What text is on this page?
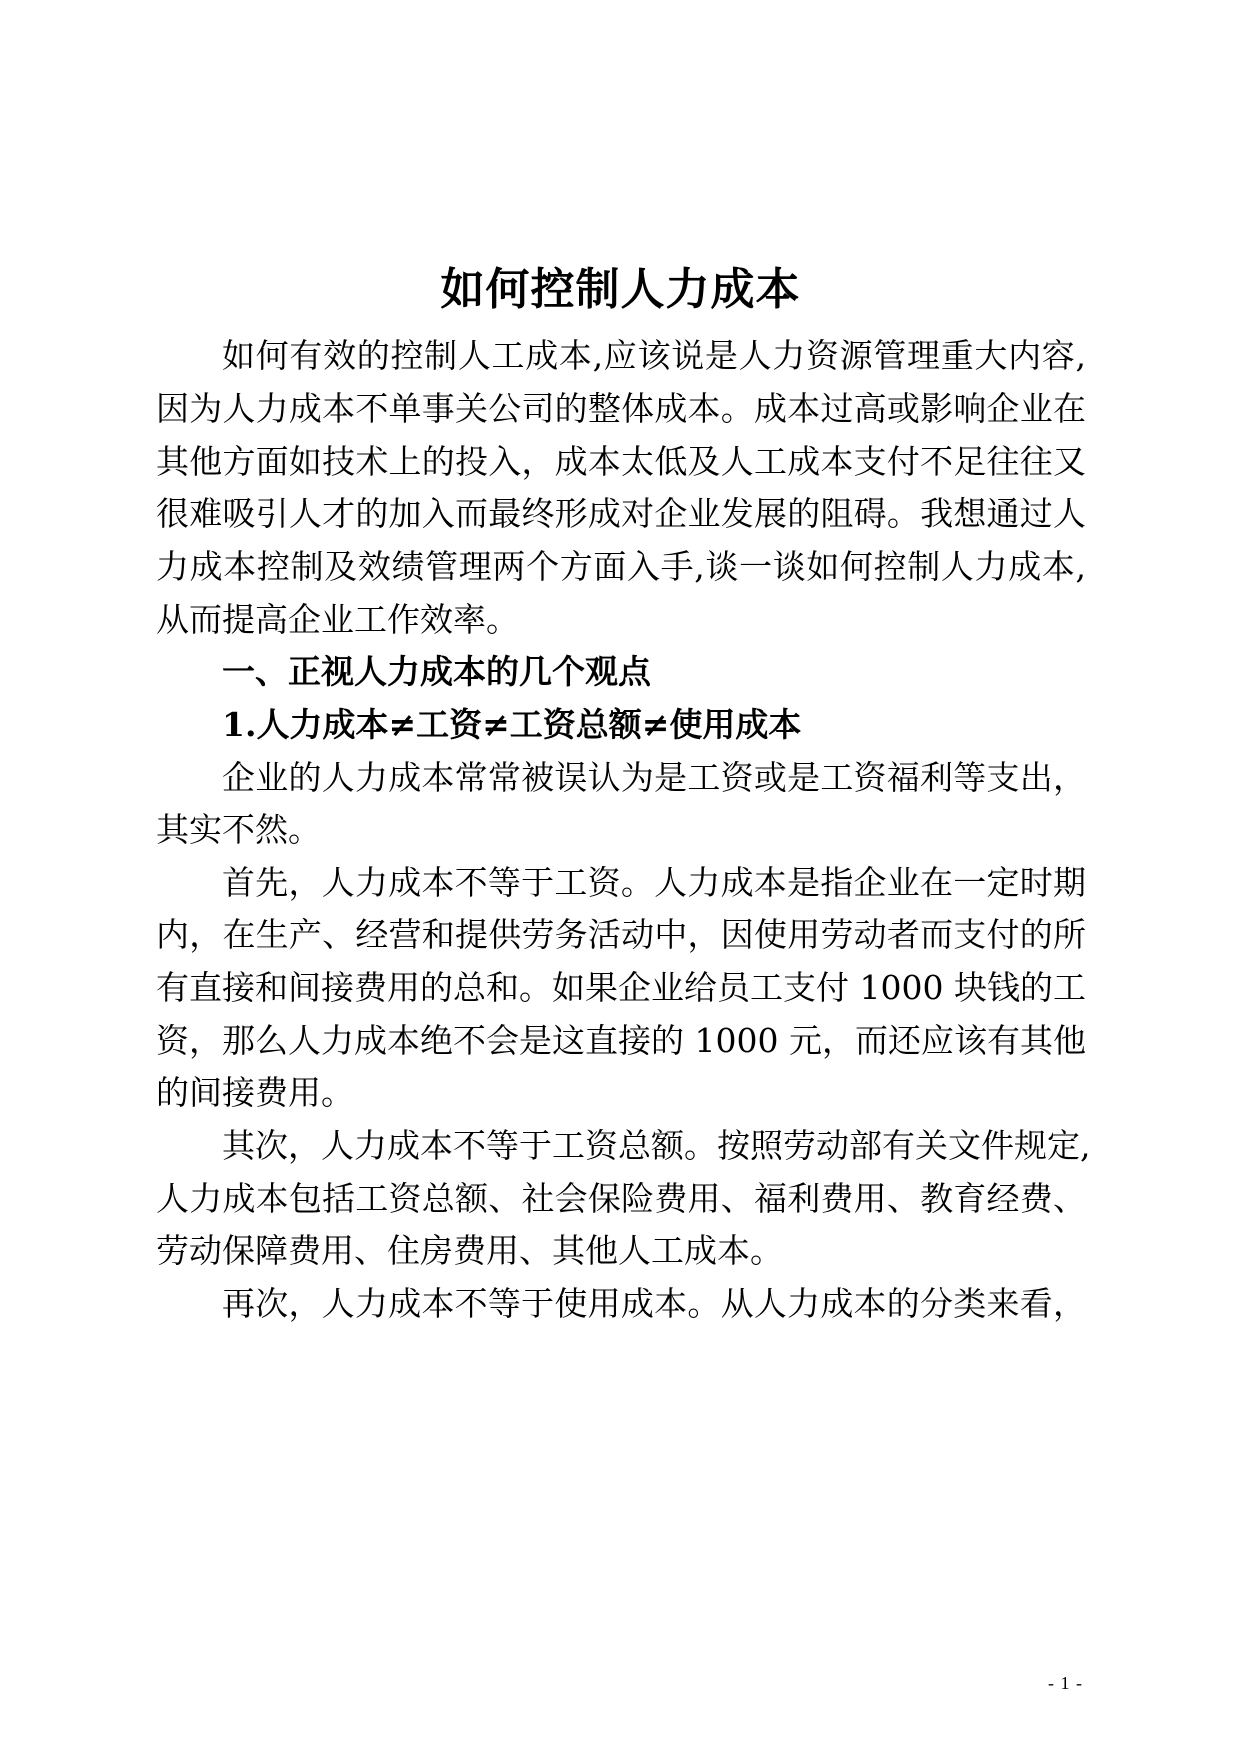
如何控制人力成本
如何有效的控制人工成本,应该说是人力资源管理重大内容,
因为人力成本不单事关公司的整体成本。成本过高或影响企业在
其他方面如技术上的投入，成本太低及人工成本支付不足往往又
很难吸引人才的加入而最终形成对企业发展的阻碍。我想通过人
力成本控制及效绩管理两个方面入手,谈一谈如何控制人力成本,
从而提高企业工作效率。
一、正视人力成本的几个观点
1.人力成本≠工资≠工资总额≠使用成本
企业的人力成本常常被误认为是工资或是工资福利等支出，
其实不然。
首先，人力成本不等于工资。人力成本是指企业在一定时期
内，在生产、经营和提供劳务活动中，因使用劳动者而支付的所
有直接和间接费用的总和。如果企业给员工支付 1000 块钱的工
资，那么人力成本绝不会是这直接的 1000 元，而还应该有其他
的间接费用。
其次，人力成本不等于工资总额。按照劳动部有关文件规定,
人力成本包括工资总额、社会保险费用、福利费用、教育经费、
劳动保障费用、住房费用、其他人工成本。
再次，人力成本不等于使用成本。从人力成本的分类来看，
- 1 -
